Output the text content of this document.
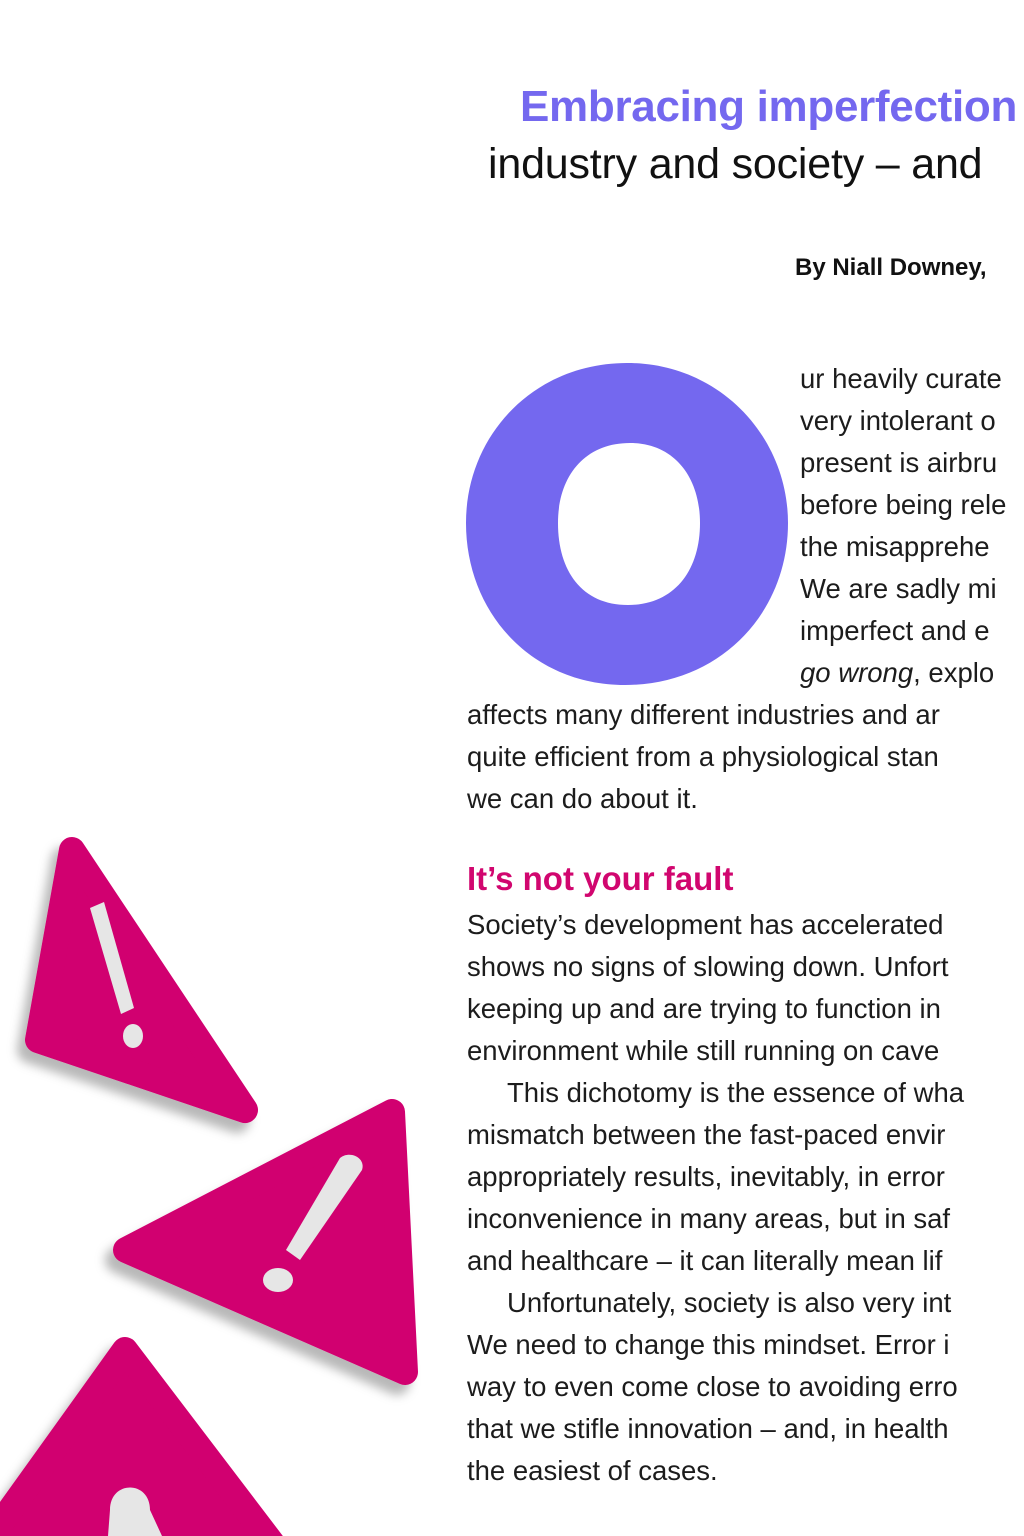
Embracing imperfection
industry and society – and
By Niall Downey,
O
ur heavily curate
very intolerant o
present is airbru
before being rele
the misapprehe
We are sadly mi
imperfect and e
go wrong, explo
affects many different industries and ar
quite efficient from a physiological stan
we can do about it.
It’s not your fault
Society’s development has accelerated
shows no signs of slowing down. Unfort
keeping up and are trying to function in
environment while still running on cave
This dichotomy is the essence of wha
mismatch between the fast-paced envir
appropriately results, inevitably, in error
inconvenience in many areas, but in saf
and healthcare – it can literally mean lif
Unfortunately, society is also very int
We need to change this mindset. Error i
way to even come close to avoiding erro
that we stifle innovation – and, in health
the easiest of cases.
